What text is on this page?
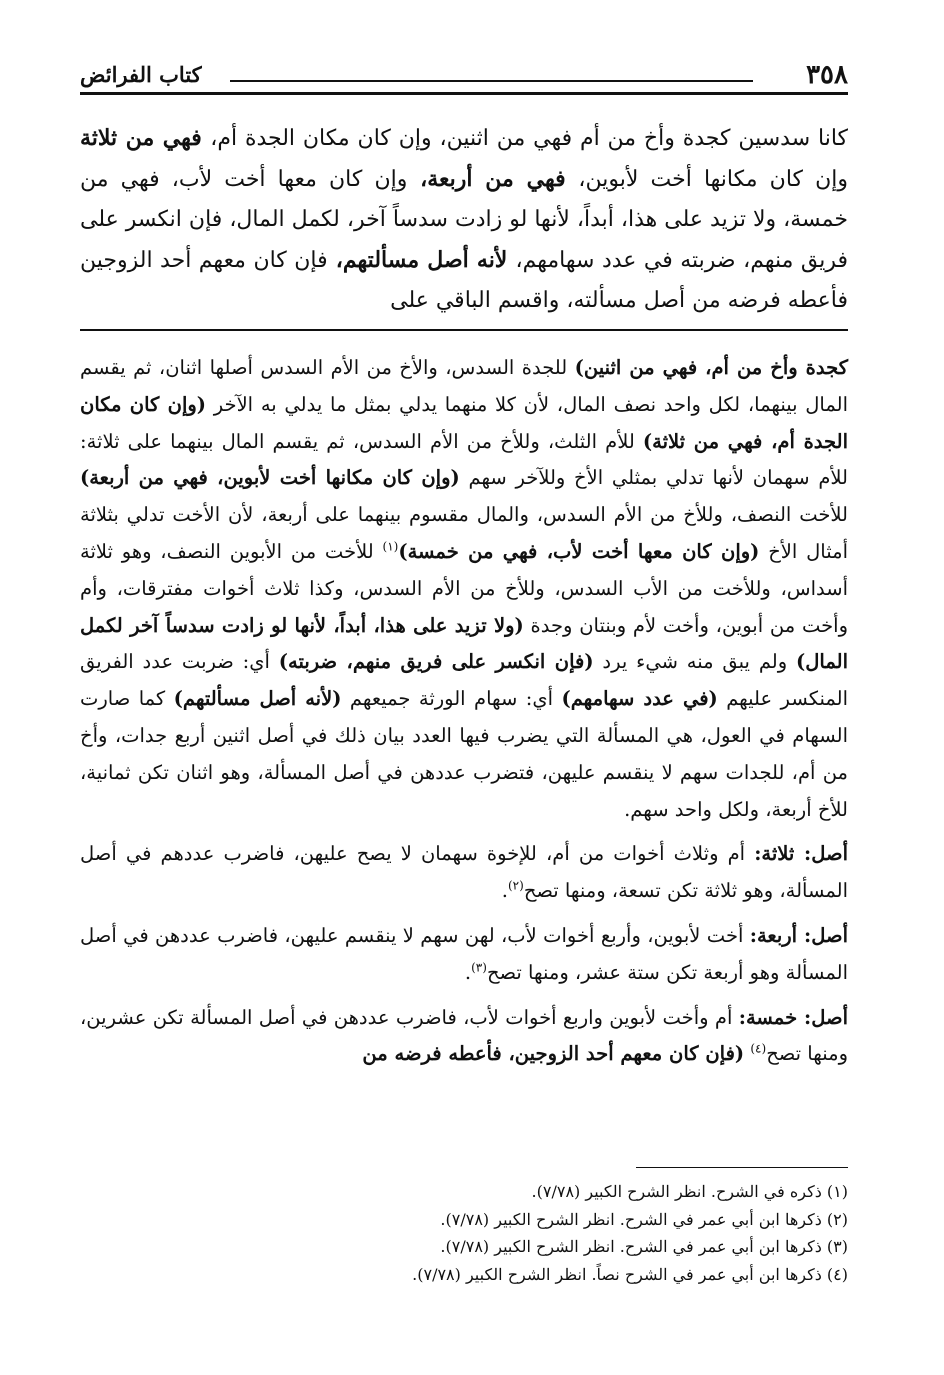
٣٥٨
كتاب الفرائض

كانا سدسين كجدة وأخ من أم فهي من اثنين، وإن كان مكان الجدة أم، فهي من ثلاثة وإن كان مكانها أخت لأبوين، فهي من أربعة، وإن كان معها أخت لأب، فهي من خمسة، ولا تزيد على هذا، أبداً، لأنها لو زادت سدساً آخر، لكمل المال، فإن انكسر على فريق منهم، ضربته في عدد سهامهم، لأنه أصل مسألتهم، فإن كان معهم أحد الزوجين فأعطه فرضه من أصل مسألته، واقسم الباقي على

كجدة وأخ من أم، فهي من اثنين) للجدة السدس، والأخ من الأم السدس أصلها اثنان، ثم يقسم المال بينهما، لكل واحد نصف المال، لأن كلا منهما يدلي بمثل ما يدلي به الآخر (وإن كان مكان الجدة أم، فهي من ثلاثة) للأم الثلث، وللأخ من الأم السدس، ثم يقسم المال بينهما على ثلاثة: للأم سهمان لأنها تدلي بمثلي الأخ وللآخر سهم (وإن كان مكانها أخت لأبوين، فهي من أربعة) للأخت النصف، وللأخ من الأم السدس، والمال مقسوم بينهما على أربعة، لأن الأخت تدلي بثلاثة أمثال الأخ (وإن كان معها أخت لأب، فهي من خمسة)$^{(١)}$ للأخت من الأبوين النصف، وهو ثلاثة أسداس، وللأخت من الأب السدس، وللأخ من الأم السدس، وكذا ثلاث أخوات مفترقات، وأم وأخت من أبوين، وأخت لأم وبنتان وجدة (ولا تزيد على هذا، أبداً، لأنها لو زادت سدساً آخر لكمل المال) ولم يبق منه شيء يرد (فإن انكسر على فريق منهم، ضربته) أي: ضربت عدد الفريق المنكسر عليهم (في عدد سهامهم) أي: سهام الورثة جميعهم (لأنه أصل مسألتهم) كما صارت السهام في العول، هي المسألة التي يضرب فيها العدد بيان ذلك في أصل اثنين أربع جدات، وأخ من أم، للجدات سهم لا ينقسم عليهن، فتضرب عددهن في أصل المسألة، وهو اثنان تكن ثمانية، للأخ أربعة، ولكل واحد سهم.

أصل: ثلاثة: أم وثلاث أخوات من أم، للإخوة سهمان لا يصح عليهن، فاضرب عددهم في أصل المسألة، وهو ثلاثة تكن تسعة، ومنها تصح$^{(٢)}$.

أصل: أربعة: أخت لأبوين، وأربع أخوات لأب، لهن سهم لا ينقسم عليهن، فاضرب عددهن في أصل المسألة وهو أربعة تكن ستة عشر، ومنها تصح$^{(٣)}$.

أصل: خمسة: أم وأخت لأبوين واربع أخوات لأب، فاضرب عددهن في أصل المسألة تكن عشرين، ومنها تصح$^{(٤)}$ (فإن كان معهم أحد الزوجين، فأعطه فرضه من

(١) ذكره في الشرح. انظر الشرح الكبير (٧/٧٨).
(٢) ذكرها ابن أبي عمر في الشرح. انظر الشرح الكبير (٧/٧٨).
(٣) ذكرها ابن أبي عمر في الشرح. انظر الشرح الكبير (٧/٧٨).
(٤) ذكرها ابن أبي عمر في الشرح نصاً. انظر الشرح الكبير (٧/٧٨).
